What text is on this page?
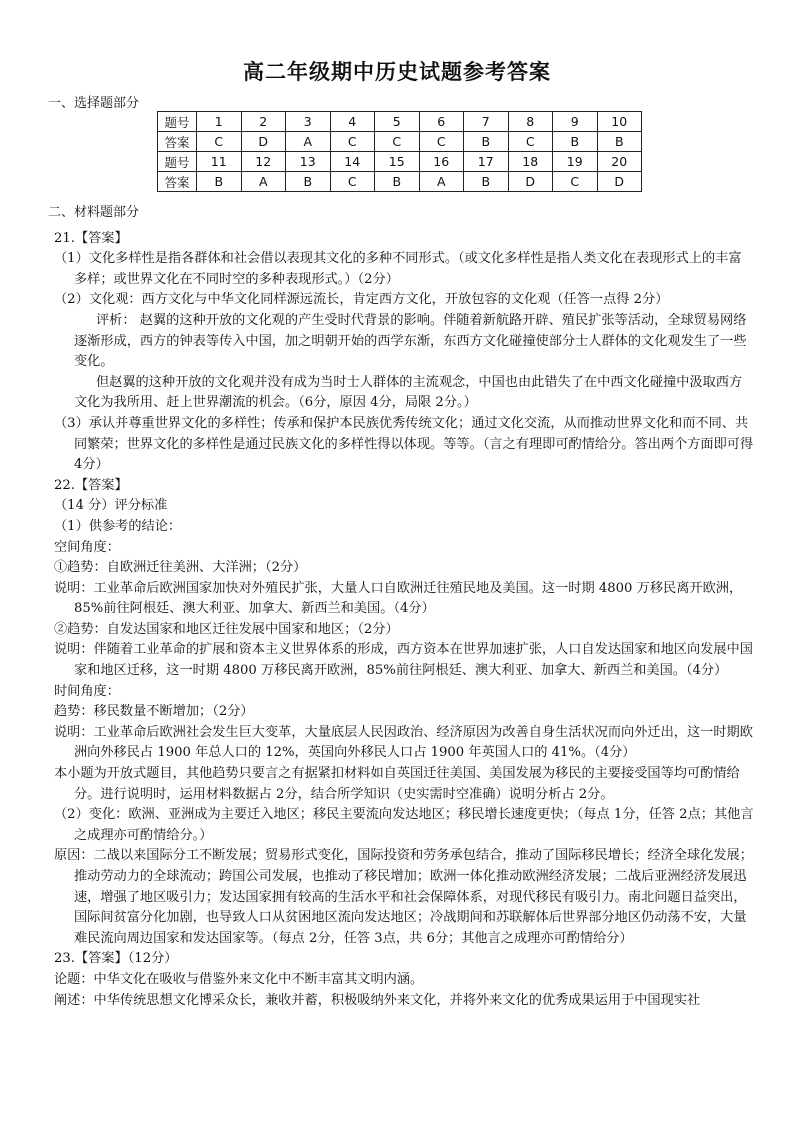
高二年级期中历史试题参考答案
一、选择题部分
题号	1	2	3	4	5	6	7	8	9	10
答案	C	D	A	C	C	C	B	C	B	B
题号	11	12	13	14	15	16	17	18	19	20
答案	B	A	B	C	B	A	B	D	C	D

二、材料题部分

21.【答案】

（1）文化多样性是指各群体和社会借以表现其文化的多种不同形式。（或文化多样性是指人类文化在表现形式上的丰富多样；或世界文化在不同时空的多种表现形式。）（2分）

（2）文化观：西方文化与中华文化同样源远流长，肯定西方文化，开放包容的文化观（任答一点得 2分）

评析： 赵翼的这种开放的文化观的产生受时代背景的影响。伴随着新航路开辟、殖民扩张等活动，全球贸易网络逐渐形成，西方的钟表等传入中国，加之明朝开始的西学东渐，东西方文化碰撞使部分士人群体的文化观发生了一些变化。

但赵翼的这种开放的文化观并没有成为当时士人群体的主流观念，中国也由此错失了在中西文化碰撞中汲取西方文化为我所用、赶上世界潮流的机会。（6分，原因 4分，局限 2分。）

（3）承认并尊重世界文化的多样性；传承和保护本民族优秀传统文化；通过文化交流，从而推动世界文化和而不同、共同繁荣；世界文化的多样性是通过民族文化的多样性得以体现。等等。（言之有理即可酌情给分。答出两个方面即可得 4分）

22.【答案】

（14 分）评分标准

（1）供参考的结论：

空间角度：

①趋势：自欧洲迁往美洲、大洋洲；（2分）

说明：工业革命后欧洲国家加快对外殖民扩张，大量人口自欧洲迁往殖民地及美国。这一时期 4800 万移民离开欧洲，85%前往阿根廷、澳大利亚、加拿大、新西兰和美国。（4分）

②趋势：自发达国家和地区迁往发展中国家和地区；（2分）

说明：伴随着工业革命的扩展和资本主义世界体系的形成，西方资本在世界加速扩张，人口自发达国家和地区向发展中国家和地区迁移，这一时期 4800 万移民离开欧洲，85%前往阿根廷、澳大利亚、加拿大、新西兰和美国。（4分）

时间角度：

趋势：移民数量不断增加；（2分）

说明：工业革命后欧洲社会发生巨大变革，大量底层人民因政治、经济原因为改善自身生活状况而向外迁出，这一时期欧洲向外移民占 1900 年总人口的 12%，英国向外移民人口占 1900 年英国人口的 41%。（4分）

本小题为开放式题目，其他趋势只要言之有据紧扣材料如自英国迁往美国、美国发展为移民的主要接受国等均可酌情给分。进行说明时，运用材料数据占 2分，结合所学知识（史实需时空准确）说明分析占 2分。

（2）变化：欧洲、亚洲成为主要迁入地区；移民主要流向发达地区；移民增长速度更快；（每点 1分，任答 2点；其他言之成理亦可酌情给分。）

原因：二战以来国际分工不断发展；贸易形式变化，国际投资和劳务承包结合，推动了国际移民增长；经济全球化发展；推动劳动力的全球流动；跨国公司发展，也推动了移民增加；欧洲一体化推动欧洲经济发展；二战后亚洲经济发展迅速，增强了地区吸引力；发达国家拥有较高的生活水平和社会保障体系，对现代移民有吸引力。南北问题日益突出，国际间贫富分化加剧，也导致人口从贫困地区流向发达地区；冷战期间和苏联解体后世界部分地区仍动荡不安，大量难民流向周边国家和发达国家等。（每点 2分，任答 3点，共 6分；其他言之成理亦可酌情给分）

23.【答案】（12分）

论题：中华文化在吸收与借鉴外来文化中不断丰富其文明内涵。

阐述：中华传统思想文化博采众长，兼收并蓄，积极吸纳外来文化，并将外来文化的优秀成果运用于中国现实社
